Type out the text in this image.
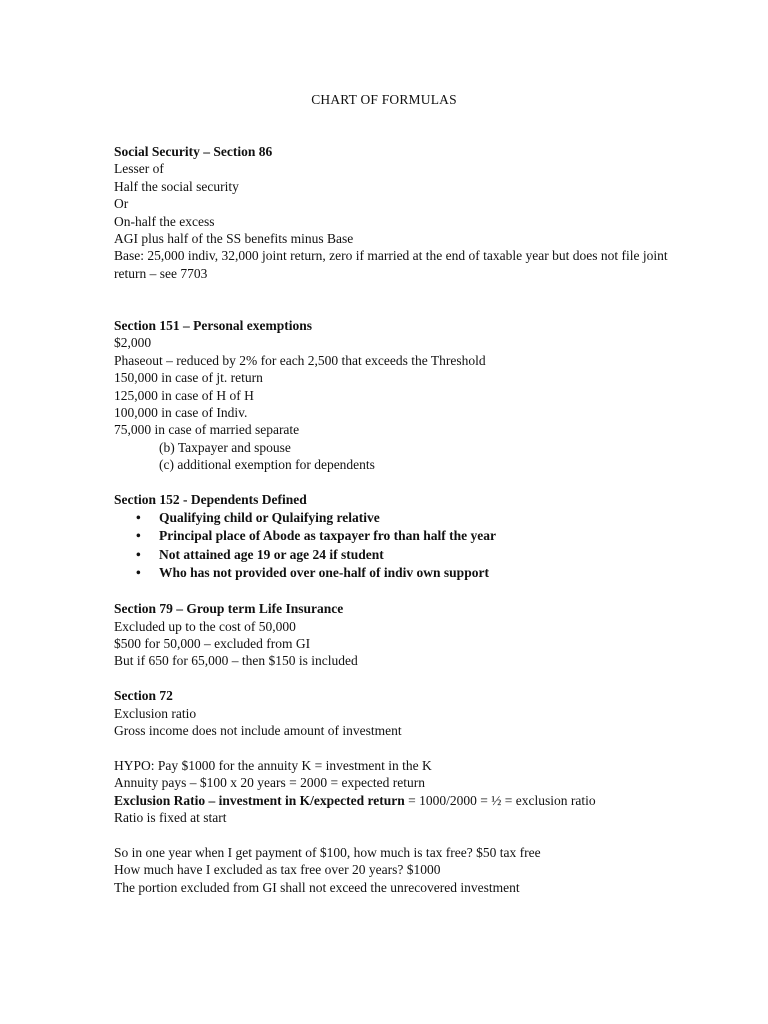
CHART OF FORMULAS
Social Security – Section 86
Lesser of
Half the social security
Or
On-half the excess
AGI plus half of the SS benefits minus Base
Base: 25,000 indiv, 32,000 joint return, zero if married at the end of taxable year but does not file joint return – see 7703
Section 151 – Personal exemptions
$2,000
Phaseout – reduced by 2% for each 2,500 that exceeds the Threshold
150,000 in case of jt. return
125,000 in case of H of H
100,000 in case of Indiv.
75,000 in case of married separate
(b) Taxpayer and spouse
(c) additional exemption for dependents
Section 152 - Dependents Defined
• Qualifying child or Qulaifying relative
• Principal place of Abode as taxpayer fro than half the year
• Not attained age 19 or age 24 if student
• Who has not provided over one-half of indiv own support
Section 79 – Group term Life Insurance
Excluded up to the cost of 50,000
$500 for 50,000 – excluded from GI
But if 650 for 65,000 – then $150 is included
Section 72
Exclusion ratio
Gross income does not include amount of investment
HYPO: Pay $1000 for the annuity K = investment in the K
Annuity pays – $100 x 20 years = 2000 = expected return
Exclusion Ratio – investment in K/expected return = 1000/2000 = ½ = exclusion ratio
Ratio is fixed at start
So in one year when I get payment of $100, how much is tax free? $50 tax free
How much have I excluded as tax free over 20 years? $1000
The portion excluded from GI shall not exceed the unrecovered investment
